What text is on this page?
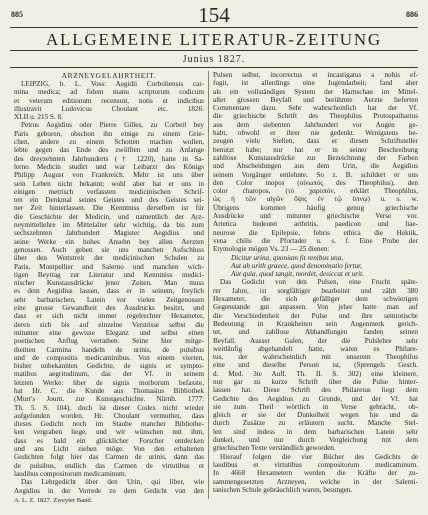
885	154	886
ALLGEMEINE LITERATUR-ZEITUNG
Junius 1827.
ARZNEYGELAHRTHEIT.
LEIPZIG, b. L. Voss: Aegidii Corboliensis car-
mina medica; ad fidem manu scriptorum codicum
et veterum editionum recensuit, notis et indicibus
illustravit Ludovicus Choulant etc. 1826.
XLII u. 215 S. 8.
Petrus Aegidius oder Pierre Gilles, zu Corbeil bey
Paris geboren, obschon ihn einige zu einem Grie-
chen, andere zu einem Schotten machen wollen,
lebte gegen das Ende des zwölften und zu Anfange
des dreyzehnten Jahrhunderts († 1220), hatte in Sa-
lerno Medicin studirt und war Leibarzt des Königs
Philipp August von Frankreich. Mehr ist uns über
sein Leben nicht bekannt; wohl aber hat er uns in
einigen metrisch verfassten medicinischen Schrif-
ten ein Denkmal seines Geistes und des Geistes sei-
ner Zeit hinterlassen. Die Kenntniss derselben ist für
die Geschichte der Medicin, und namentlich der Arz-
neymittellehre im Mittelalter sehr wichtig, da bis zum
sechszehnten Jahrhundert Magister Aegidius und
seine Werke ein hohes Ansehn bey allen Aerzten
genossen. Auch geben sie uns manchen Aufschluss
über den Wettstreit der medicinischen Schulen zu
Paris, Montpellier und Salerno und manchen wich-
tigen Beytrag zur Literatur und Kenntniss medici-
nischer Kunstausdrücke jener Zeiten. Man muss
es dem Aegidius lassen, dass er in seinem, freylich
sehr barbarischen, Latein vor vielen Zeitgenossen
eine grosse Gewandheit des Ausdrucks besitzt, und
dass er sich nicht immer regelrechter Hexameter,
deren sich bis auf einzelne Verstösse selbst die
mitunter eine gewisse Eleganz und selbst einen
poetischen Anflug verrathen. Seine hier mitge-
theilten Carmina handeln de urinis, de pulsibus
und de compositis medicaminibus. Von einem vierten,
bisher unbekannten Gedichte, de signis et sympto-
matibus aegritudinum, das der Vf. in seinem
letzten Werke: liber de signis morborum befasste,
hat Hr. C. die Kunde aus Thomasius Bibliothek
(Murr's Journ. zur Kunstgeschichte. Nürnb. 1777.
Th. 5. S. 104), doch ist dieser Codex nicht wieder
aufgefunden worden. Hr. Choulant vermuthet, dass
dieses Gedicht noch im Staube mancher Bibliothe-
ken vergraben liege, und wir wünschen mit ihm,
dass es bald ein glücklicher Forscher entdecken
und ans Licht ziehen möge. Von den erhaltenen
Gedichten folgt hier das Carmen de urinis, dann das
de pulsibus, endlich das Carmen de virtutibus et
laudibus compositorum medicaminum.
Das Lehrgedicht über den Urin, qui liber, wie
Aegidius in der Vorrede zu dem Gedicht von den
A. L. Z. 1827. Zweyter Band.
Pulsen selbst, incorrectus et incastigatus a nobis ef-
fugit, ist allerdings eine Jugendarbeit; fand aber
als ein vollständiges System der Harnschau im Mittel-
alter grossen Beyfall und berühmte Aerzte lieferten
Commentare dazu. Sehr wahrscheinlich hat der Vf.
die griechische Schrift des Theophilus Protospatharius
aus dem siebenten Jahrhundert vor Augen ge-
habt, obwohl er ihrer nie gedenkt. Wenigstens be-
zeugen viele Stellen, dass er diesen Schriftsteller
benutzt habe; nur hat er in seiner Beschreibung
zahllose Kunstausdrücke zur Bezeichnung der Farben
und Abscheidungen aus dem Urin, die Aegidius
seinem Vorgänger entlehnte. So z. B. schildert er uns
den Color inopos (οἰνωπός des Theophilus), den
color charopos, (τὸ χαροπόν, erklärt Theophilus,
ὡς ἡ τῶν αἰγῶν ὄψις ἐν τῷ ὕπνῳ) u. s. w.
Übrigens kommen häufig genug griechische
Ausdrücke und mitunter griechische Verse vor.
Artetica bedeutet arthritis, paedicon und liae-
neurose die Epilepsie, febris ethica die Hektik,
vena chilis die Pfortader u. s. f. Eine Probe der
Etymologie mögen Vs. 23 — 25 dienen:
Dicitur urina, quoniam fit renibus una,
Aut ab urith graece, quod denominatio fertur,
Aut quia, quod tangit, mordet, desiccat et urit.
Das Gedicht von den Pulsen, eine Frucht späte-
rer Jahre, ist sorgfältiger bearbeitet und zählt 380
Hexameter, die sich gefälliger dem schwierigen
Gegenstande gut anpassen. Von jeher hatte man auf
die Verschiedenheit der Pulse und ihre semiotische
Bedeutung in Krankheiten sein Augenmerk gerich-
tet, und zahllose Abhandlungen fanden seinen
Beyfall. Ausser Galen, der die Pulslehre sehr
weitläufig abgehandelt hatte, waren es Philare-
tus, der wahrscheinlich mit unserem Theophilus
eine und dieselbe Person ist, (Sprengels Gesch.
d. Med. 3te Aufl. Th. II. S. 302) eine kleinere,
nur gar zu kurze Schrift über die Pulse hinter-
lassen hat. Diese Schrift des Philaretus liegt dem
Gedichte des Aegidius zu Grunde, und der Vf. hat
sie zum Theil wörtlich in Verse gebracht, ob-
gleich er sie der Dunkelheit wegen hie und da
durch Zusätze zu erläutern sucht. Manche Stel-
len sind indess in dem barbarischen Latein sehr
dunkel, und nur durch Vergleichung mit dem
griechischen Texte verständlich geworden.
Hierauf folgen die vier Bücher des Gedichts de
laudibus et virtutibus compositorum medicaminum.
In 4668 Hexametern werden die Kräfte der zu-
sammengesetzten Arzneyen, welche in der Salerni-
tanischen Schule gebräuchlich waren, besungen.
